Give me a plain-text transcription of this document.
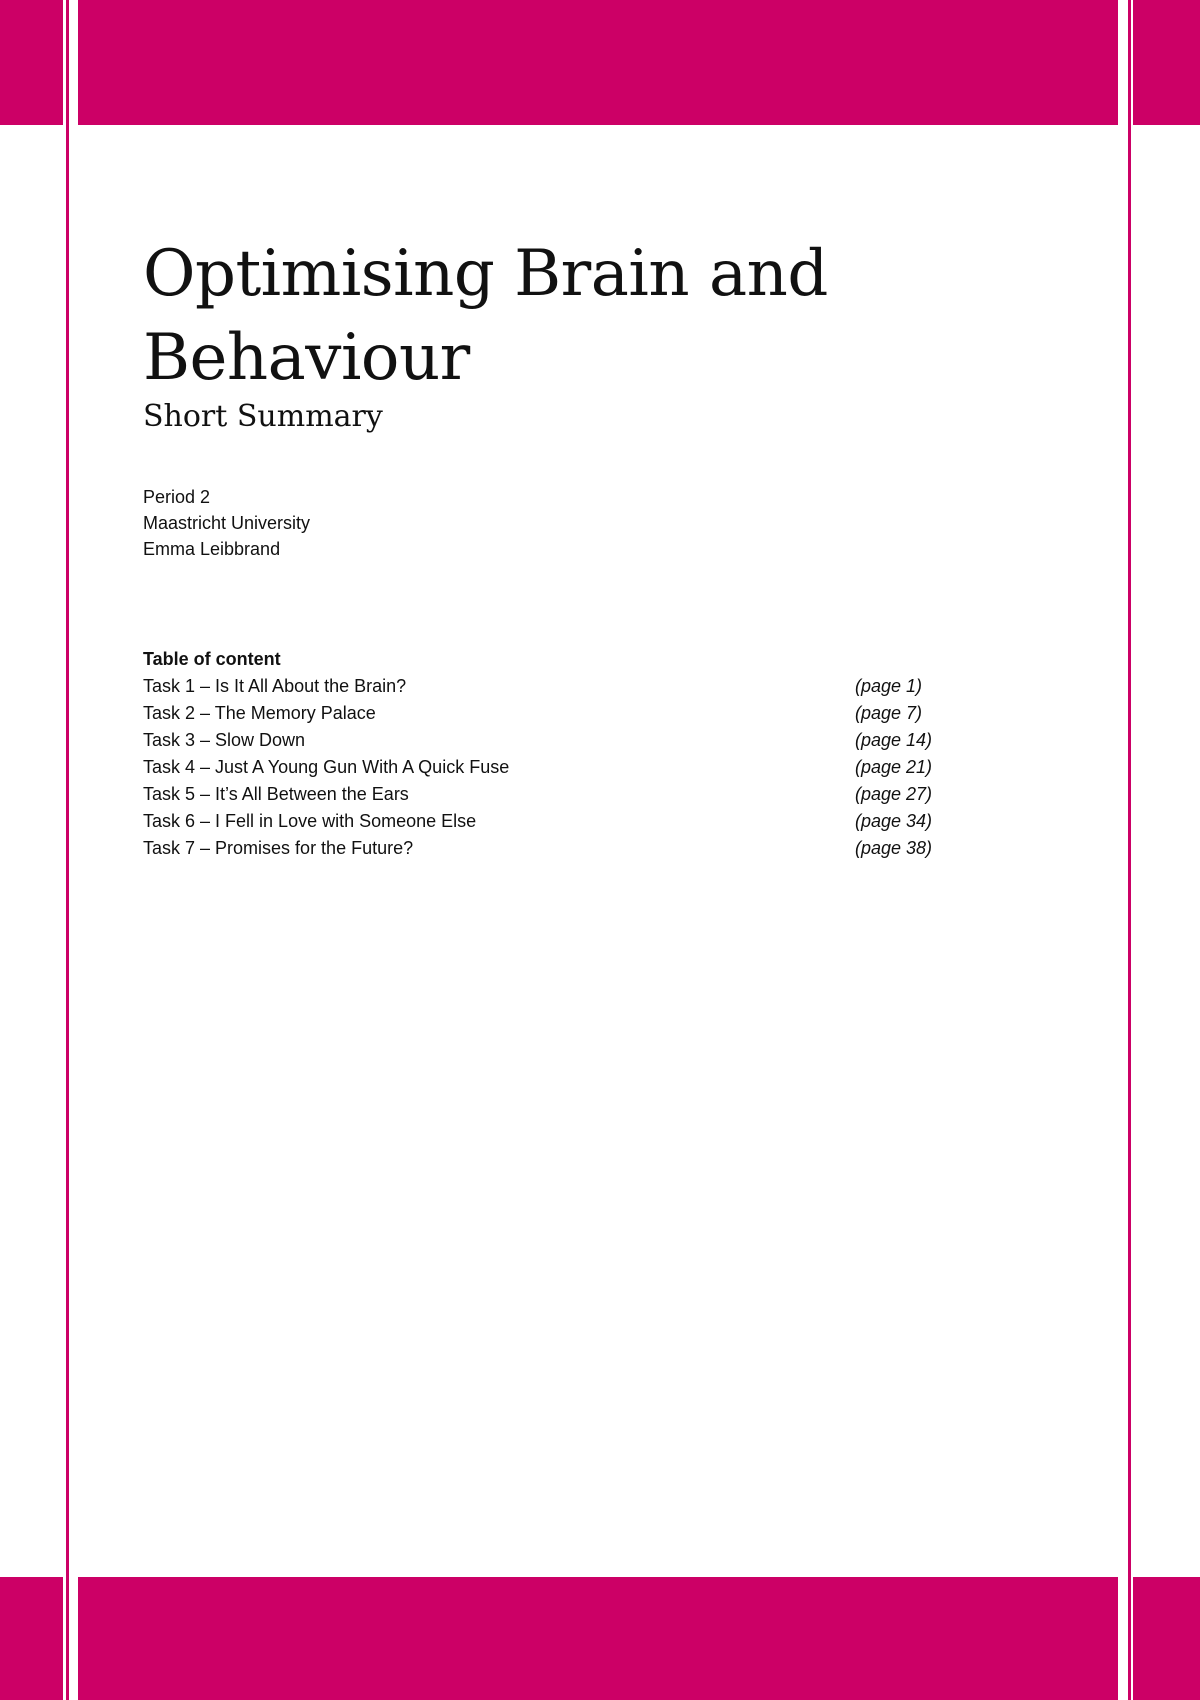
Optimising Brain and Behaviour
Short Summary
Period 2
Maastricht University
Emma Leibbrand
Table of content
Task 1 – Is It All About the Brain?	(page 1)
Task 2 – The Memory Palace	(page 7)
Task 3 – Slow Down	(page 14)
Task 4 – Just A Young Gun With A Quick Fuse	(page 21)
Task 5 – It’s All Between the Ears	(page 27)
Task 6 – I Fell in Love with Someone Else	(page 34)
Task 7 – Promises for the Future?	(page 38)
